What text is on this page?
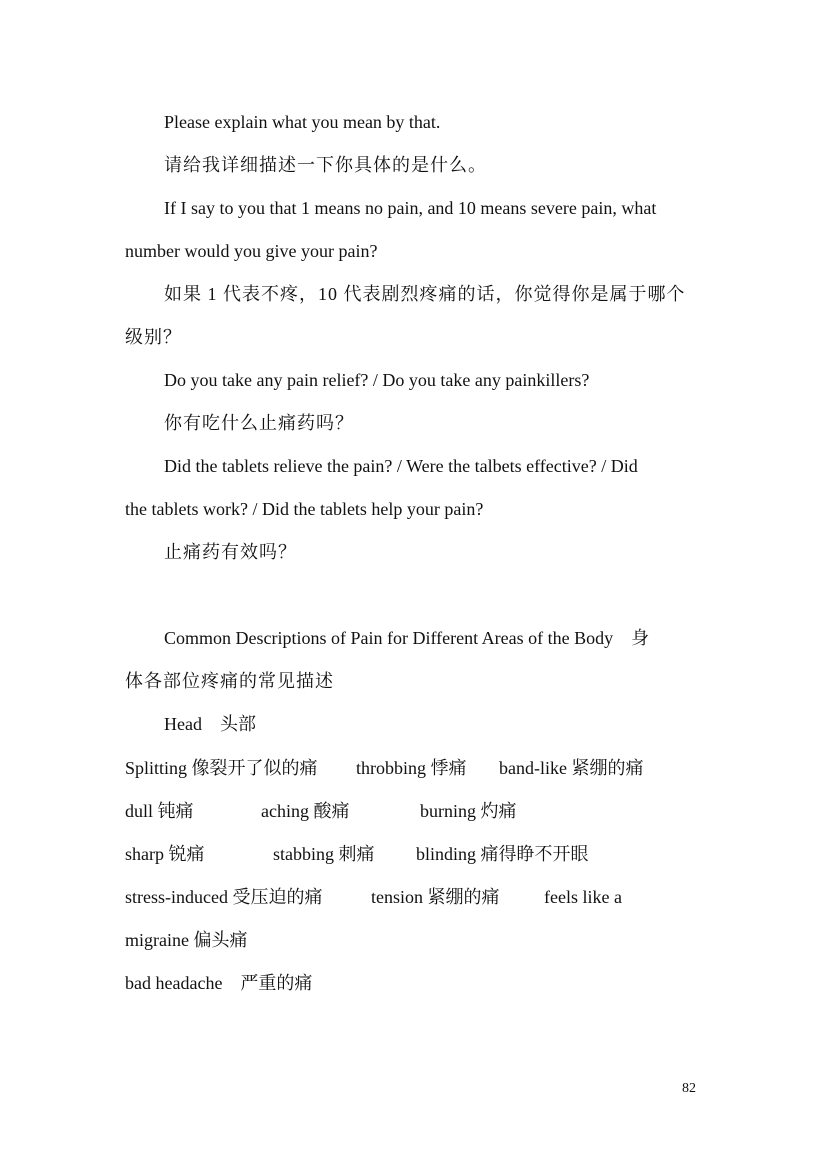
Please explain what you mean by that.
请给我详细描述一下你具体的是什么。
If I say to you that 1 means no pain, and 10 means severe pain, what
number would you give your pain?
如果 1 代表不疼，10 代表剧烈疼痛的话，你觉得你是属于哪个
级别？
Do you take any pain relief? / Do you take any painkillers?
你有吃什么止痛药吗？
Did the tablets relieve the pain? / Were the talbets effective? / Did
the tablets work? / Did the tablets help your pain?
止痛药有效吗？
Common Descriptions of Pain for Different Areas of the Body　身
体各部位疼痛的常见描述
Head　头部
Splitting 像裂开了似的痛 throbbing 悸痛 band-like 紧绷的痛
dull 钝痛	aching 酸痛	burning 灼痛
sharp 锐痛	stabbing 刺痛 blinding 痛得睁不开眼
stress-induced 受压迫的痛	tension 紧绷的痛 feels like a
migraine 偏头痛
bad headache　严重的痛
82
